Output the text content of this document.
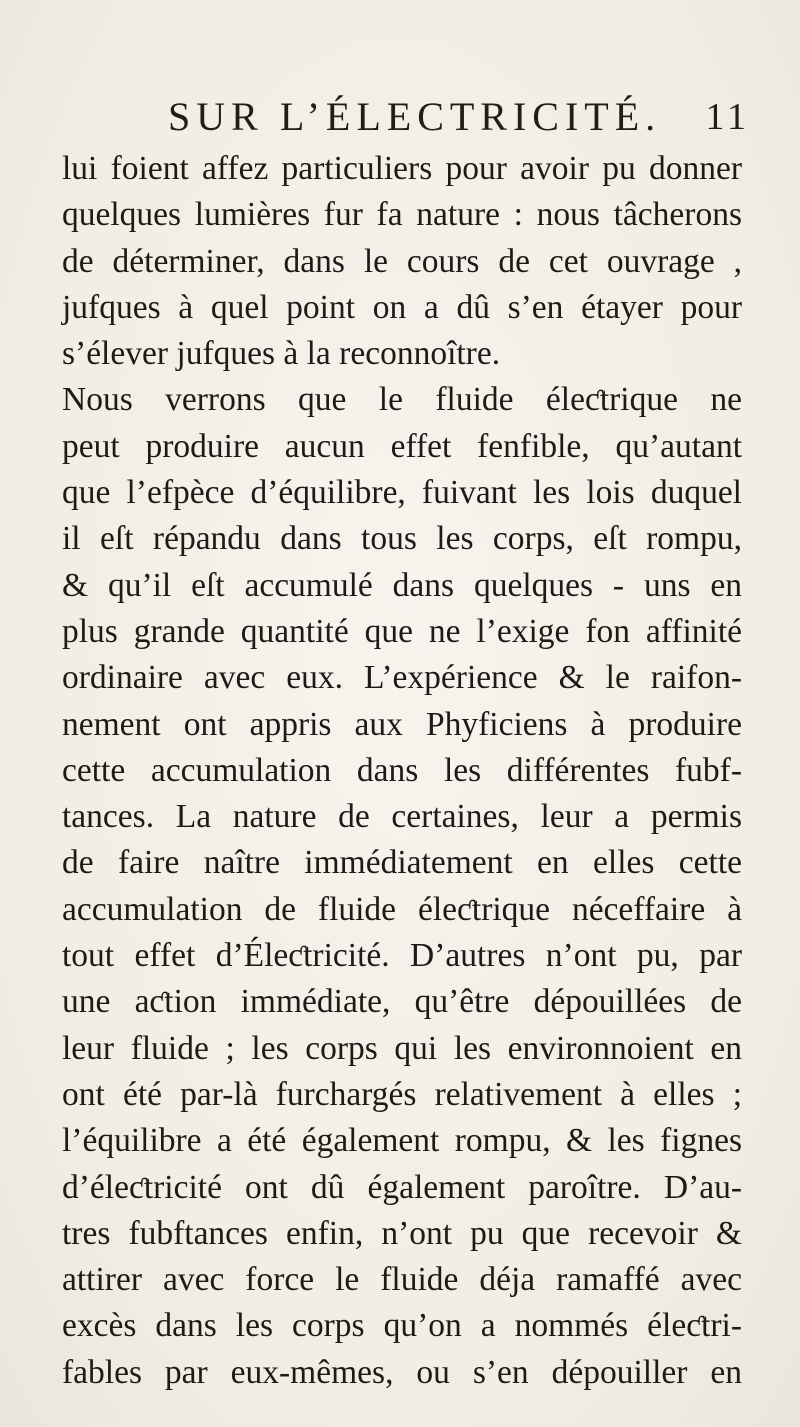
SUR L’ÉLECTRICITÉ. 11
lui foient affez particuliers pour avoir pu donner
quelques lumières fur fa nature : nous tâcherons
de déterminer, dans le cours de cet ouvrage ,
jufques à quel point on a dû s’en étayer pour
s’élever jufques à la reconnoître.
Nous verrons que le fluide éleƈtrique ne
peut produire aucun effet fenfible, qu’autant
que l’efpèce d’équilibre, fuivant les lois duquel
il eſt répandu dans tous les corps, eſt rompu,
& qu’il eſt accumulé dans quelques - uns en
plus grande quantité que ne l’exige fon affinité
ordinaire avec eux. L’expérience & le raifon-
nement ont appris aux Phyficiens à produire
cette accumulation dans les différentes fubf-
tances. La nature de certaines, leur a permis
de faire naître immédiatement en elles cette
accumulation de fluide éleƈtrique néceffaire à
tout effet d’Éleƈtricité. D’autres n’ont pu, par
une aƈtion immédiate, qu’être dépouillées de
leur fluide ; les corps qui les environnoient en
ont été par-là furchargés relativement à elles ;
l’équilibre a été également rompu, & les fignes
d’éleƈtricité ont dû également paroître. D’au-
tres fubftances enfin, n’ont pu que recevoir &
attirer avec force le fluide déja ramaffé avec
excès dans les corps qu’on a nommés éleƈtri-
fables par eux-mêmes, ou s’en dépouiller en
